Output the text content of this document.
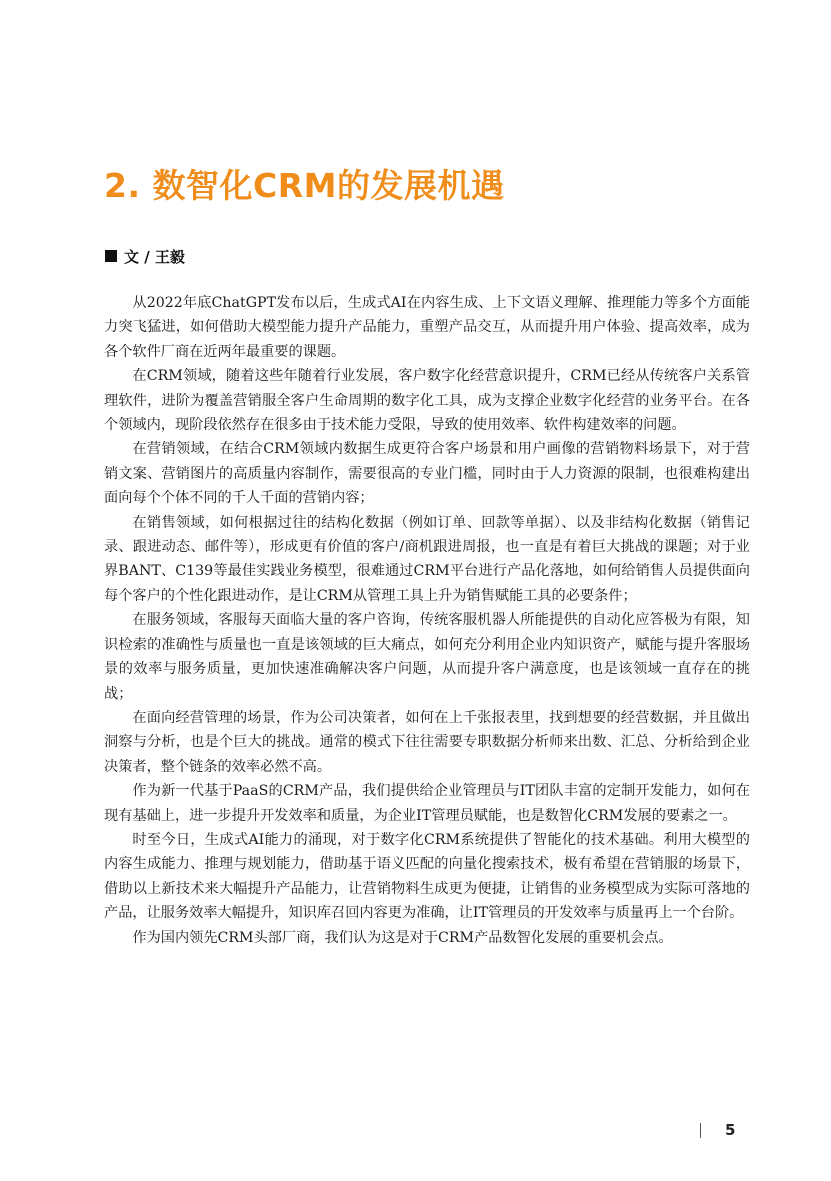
2. 数智化CRM的发展机遇
文 / 王毅

从2022年底ChatGPT发布以后，生成式AI在内容生成、上下文语义理解、推理能力等多个方面能力突飞猛进，如何借助大模型能力提升产品能力，重塑产品交互，从而提升用户体验、提高效率，成为各个软件厂商在近两年最重要的课题。

在CRM领域，随着这些年随着行业发展，客户数字化经营意识提升，CRM已经从传统客户关系管理软件，进阶为覆盖营销服全客户生命周期的数字化工具，成为支撑企业数字化经营的业务平台。在各个领域内，现阶段依然存在很多由于技术能力受限，导致的使用效率、软件构建效率的问题。

在营销领域，在结合CRM领域内数据生成更符合客户场景和用户画像的营销物料场景下，对于营销文案、营销图片的高质量内容制作，需要很高的专业门槛，同时由于人力资源的限制，也很难构建出面向每个个体不同的千人千面的营销内容；

在销售领域，如何根据过往的结构化数据（例如订单、回款等单据）、以及非结构化数据（销售记录、跟进动态、邮件等），形成更有价值的客户/商机跟进周报，也一直是有着巨大挑战的课题；对于业界BANT、C139等最佳实践业务模型，很难通过CRM平台进行产品化落地，如何给销售人员提供面向每个客户的个性化跟进动作，是让CRM从管理工具上升为销售赋能工具的必要条件；

在服务领域，客服每天面临大量的客户咨询，传统客服机器人所能提供的自动化应答极为有限，知识检索的准确性与质量也一直是该领域的巨大痛点，如何充分利用企业内知识资产，赋能与提升客服场景的效率与服务质量，更加快速准确解决客户问题，从而提升客户满意度，也是该领域一直存在的挑战；

在面向经营管理的场景，作为公司决策者，如何在上千张报表里，找到想要的经营数据，并且做出洞察与分析，也是个巨大的挑战。通常的模式下往往需要专职数据分析师来出数、汇总、分析给到企业决策者，整个链条的效率必然不高。

作为新一代基于PaaS的CRM产品，我们提供给企业管理员与IT团队丰富的定制开发能力，如何在现有基础上，进一步提升开发效率和质量，为企业IT管理员赋能，也是数智化CRM发展的要素之一。

时至今日，生成式AI能力的涌现，对于数字化CRM系统提供了智能化的技术基础。利用大模型的内容生成能力、推理与规划能力，借助基于语义匹配的向量化搜索技术，极有希望在营销服的场景下，借助以上新技术来大幅提升产品能力，让营销物料生成更为便捷，让销售的业务模型成为实际可落地的产品，让服务效率大幅提升，知识库召回内容更为准确，让IT管理员的开发效率与质量再上一个台阶。

作为国内领先CRM头部厂商，我们认为这是对于CRM产品数智化发展的重要机会点。

5
